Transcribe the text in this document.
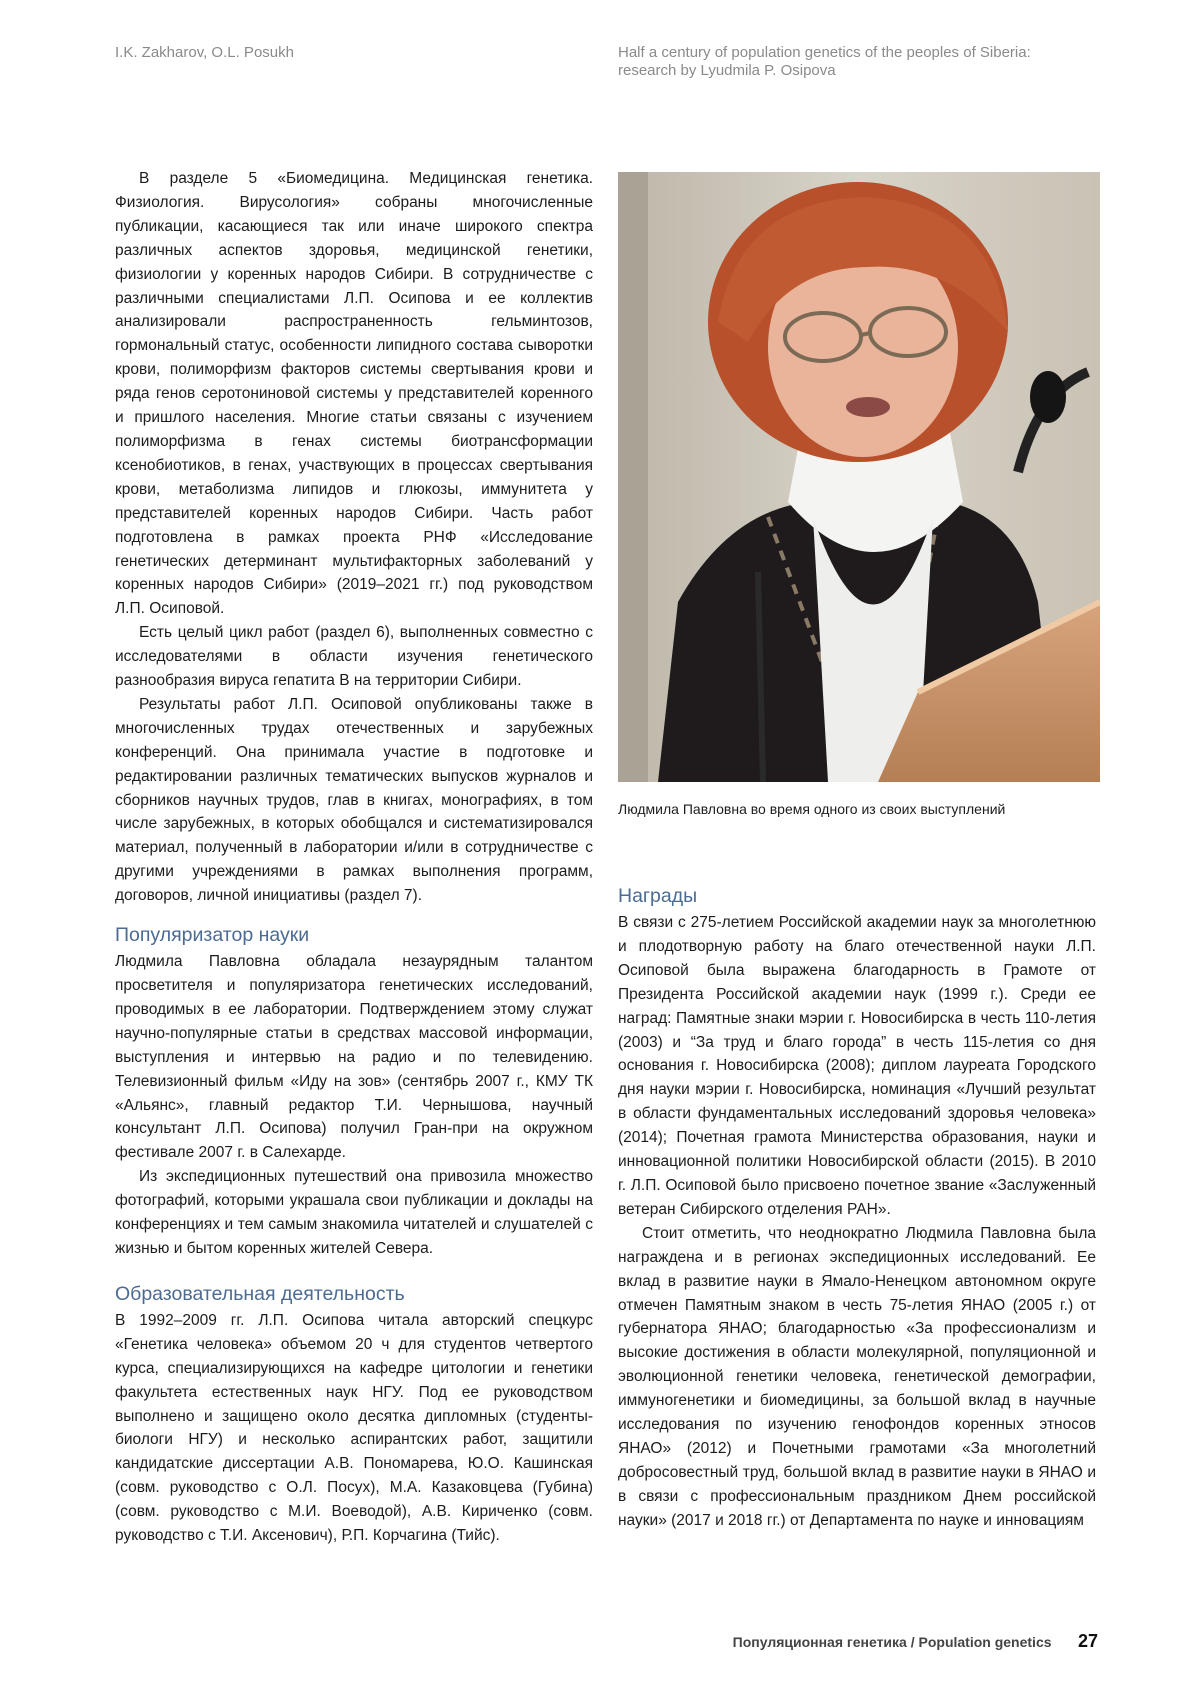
I.K. Zakharov, O.L. Posukh	Half a century of population genetics of the peoples of Siberia:
research by Lyudmila P. Osipova

В разделе 5 «Биомедицина. Медицинская генетика. Физиология. Вирусология» собраны многочисленные публикации, касающиеся так или иначе широкого спектра различных аспектов здоровья, медицинской генетики, физиологии у коренных народов Сибири. В сотрудничестве с различными специалистами Л.П. Осипова и ее коллектив анализировали распространенность гельминтозов, гормональный статус, особенности липидного состава сыворотки крови, полиморфизм факторов системы свертывания крови и ряда генов серотониновой системы у представителей коренного и пришлого населения. Многие статьи связаны с изучением полиморфизма в генах системы биотрансформации ксенобиотиков, в генах, участвующих в процессах свертывания крови, метаболизма липидов и глюкозы, иммунитета у представителей коренных народов Сибири. Часть работ подготовлена в рамках проекта РНФ «Исследование генетических детерминант мультифакторных заболеваний у коренных народов Сибири» (2019–2021 гг.) под руководством Л.П. Осиповой.

Есть целый цикл работ (раздел 6), выполненных совместно с исследователями в области изучения генетического разнообразия вируса гепатита В на территории Сибири.

Результаты работ Л.П. Осиповой опубликованы также в многочисленных трудах отечественных и зарубежных конференций. Она принимала участие в подготовке и редактировании различных тематических выпусков журналов и сборников научных трудов, глав в книгах, монографиях, в том числе зарубежных, в которых обобщался и систематизировался материал, полученный в лаборатории и/или в сотрудничестве с другими учреждениями в рамках выполнения программ, договоров, личной инициативы (раздел 7).

Популяризатор науки

Людмила Павловна обладала незаурядным талантом просветителя и популяризатора генетических исследований, проводимых в ее лаборатории. Подтверждением этому служат научно-популярные статьи в средствах массовой информации, выступления и интервью на радио и по телевидению. Телевизионный фильм «Иду на зов» (сентябрь 2007 г., КМУ ТК «Альянс», главный редактор Т.И. Чернышова, научный консультант Л.П. Осипова) получил Гран-при на окружном фестивале 2007 г. в Салехарде.

Из экспедиционных путешествий она привозила множество фотографий, которыми украшала свои публикации и доклады на конференциях и тем самым знакомила читателей и слушателей с жизнью и бытом коренных жителей Севера.

Образовательная деятельность

В 1992–2009 гг. Л.П. Осипова читала авторский спецкурс «Генетика человека» объемом 20 ч для студентов четвертого курса, специализирующихся на кафедре цитологии и генетики факультета естественных наук НГУ. Под ее руководством выполнено и защищено около десятка дипломных (студенты-биологи НГУ) и несколько аспирантских работ, защитили кандидатские диссертации А.В. Пономарева, Ю.О. Кашинская (совм. руководство с О.Л. Посух), М.А. Казаковцева (Губина) (совм. руководство с М.И. Воеводой), А.В. Кириченко (совм. руководство с Т.И. Аксенович), Р.П. Корчагина (Тийс).

Людмила Павловна во время одного из своих выступлений
Награды

В связи с 275-летием Российской академии наук за многолетнюю и плодотворную работу на благо отечественной науки Л.П. Осиповой была выражена благодарность в Грамоте от Президента Российской академии наук (1999 г.). Среди ее наград: Памятные знаки мэрии г. Новосибирска в честь 110-летия (2003) и “За труд и благо города” в честь 115-летия со дня основания г. Новосибирска (2008); диплом лауреата Городского дня науки мэрии г. Новосибирска, номинация «Лучший результат в области фундаментальных исследований здоровья человека» (2014); Почетная грамота Министерства образования, науки и инновационной политики Новосибирской области (2015). В 2010 г. Л.П. Осиповой было присвоено почетное звание «Заслуженный ветеран Сибирского отделения РАН».

Стоит отметить, что неоднократно Людмила Павловна была награждена и в регионах экспедиционных исследований. Ее вклад в развитие науки в Ямало-Ненецком автономном округе отмечен Памятным знаком в честь 75-летия ЯНАО (2005 г.) от губернатора ЯНАО; благодарностью «За профессионализм и высокие достижения в области молекулярной, популяционной и эволюционной генетики человека, генетической демографии, иммуногенетики и биомедицины, за большой вклад в научные исследования по изучению генофондов коренных этносов ЯНАО» (2012) и Почетными грамотами «За многолетний добросовестный труд, большой вклад в развитие науки в ЯНАО и в связи с профессиональным праздником Днем российской науки» (2017 и 2018 гг.) от Департамента по науке и инновациям

Популяционная генетика / Population genetics 27
